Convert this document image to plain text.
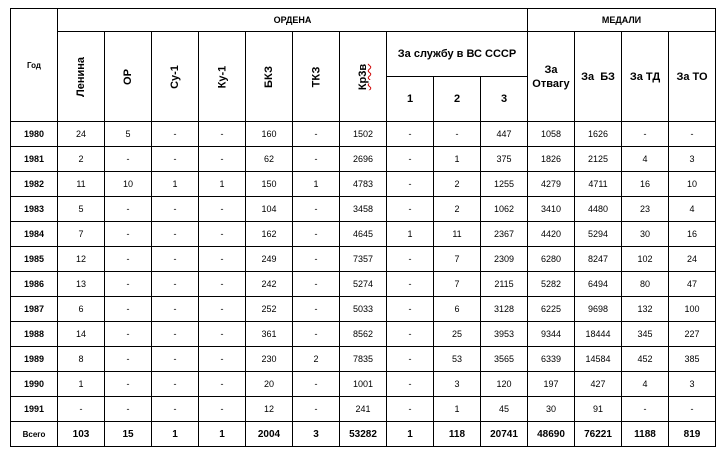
Год	ОРДЕНА										МЕДАЛИ			

	Ленина	ОР	Су-1	Ку-1	БКЗ	ТКЗ	Кр3в	За службу в ВС СССР			За Отвагу	За  БЗ	За ТД	За ТО
								1	2	3				
1980	24	5	-	-	160	-	1502	-	-	447	1058	1626	-	-
1981	2	-	-	-	62	-	2696	-	1	375	1826	2125	4	3
1982	11	10	1	1	150	1	4783	-	2	1255	4279	4711	16	10
1983	5	-	-	-	104	-	3458	-	2	1062	3410	4480	23	4
1984	7	-	-	-	162	-	4645	1	11	2367	4420	5294	30	16
1985	12	-	-	-	249	-	7357	-	7	2309	6280	8247	102	24
1986	13	-	-	-	242	-	5274	-	7	2115	5282	6494	80	47
1987	6	-	-	-	252	-	5033	-	6	3128	6225	9698	132	100
1988	14	-	-	-	361	-	8562	-	25	3953	9344	18444	345	227
1989	8	-	-	-	230	2	7835	-	53	3565	6339	14584	452	385
1990	1	-	-	-	20	-	1001	-	3	120	197	427	4	3
1991	-	-	-	-	12	-	241	-	1	45	30	91	-	-
Всего	103	15	1	1	2004	3	53282	1	118	20741	48690	76221	1188	819
